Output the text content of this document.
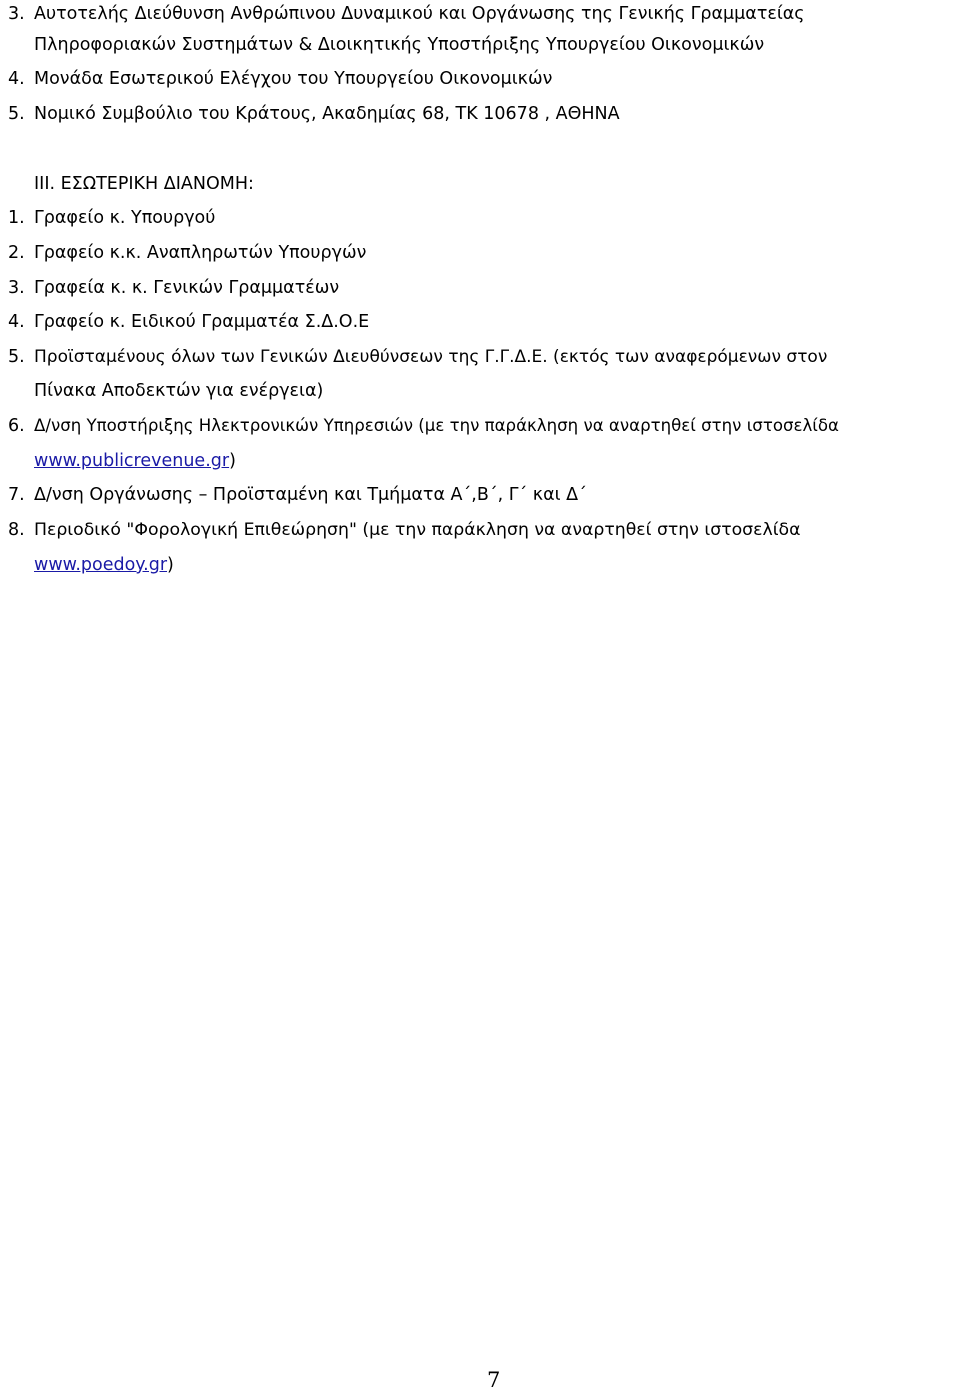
3. Αυτοτελής Διεύθυνση Ανθρώπινου Δυναμικού και Οργάνωσης της Γενικής Γραμματείας
Πληροφοριακών Συστημάτων & Διοικητικής Υποστήριξης Υπουργείου Οικονομικών
4. Μονάδα Εσωτερικού Ελέγχου του Υπουργείου Οικονομικών
5. Νομικό Συμβούλιο του Κράτους, Ακαδημίας 68, ΤΚ 10678 , ΑΘΗΝΑ
III. ΕΣΩΤΕΡΙΚΗ ΔΙΑΝΟΜΗ:
1. Γραφείο κ. Υπουργού
2. Γραφείο κ.κ. Αναπληρωτών Υπουργών
3. Γραφεία κ. κ. Γενικών Γραμματέων
4. Γραφείο κ. Ειδικού Γραμματέα Σ.Δ.Ο.Ε
5. Προϊσταμένους όλων των Γενικών Διευθύνσεων της Γ.Γ.Δ.Ε. (εκτός των αναφερόμενων στον
Πίνακα Αποδεκτών για ενέργεια)
6. Δ/νση Υποστήριξης Ηλεκτρονικών Υπηρεσιών (με την παράκληση να αναρτηθεί στην ιστοσελίδα
www.publicrevenue.gr)
7. Δ/νση Οργάνωσης – Προϊσταμένη και Τμήματα Α΄,Β΄, Γ΄ και Δ΄
8. Περιοδικό "Φορολογική Επιθεώρηση" (με την παράκληση να αναρτηθεί στην ιστοσελίδα
www.poedoy.gr)
7
